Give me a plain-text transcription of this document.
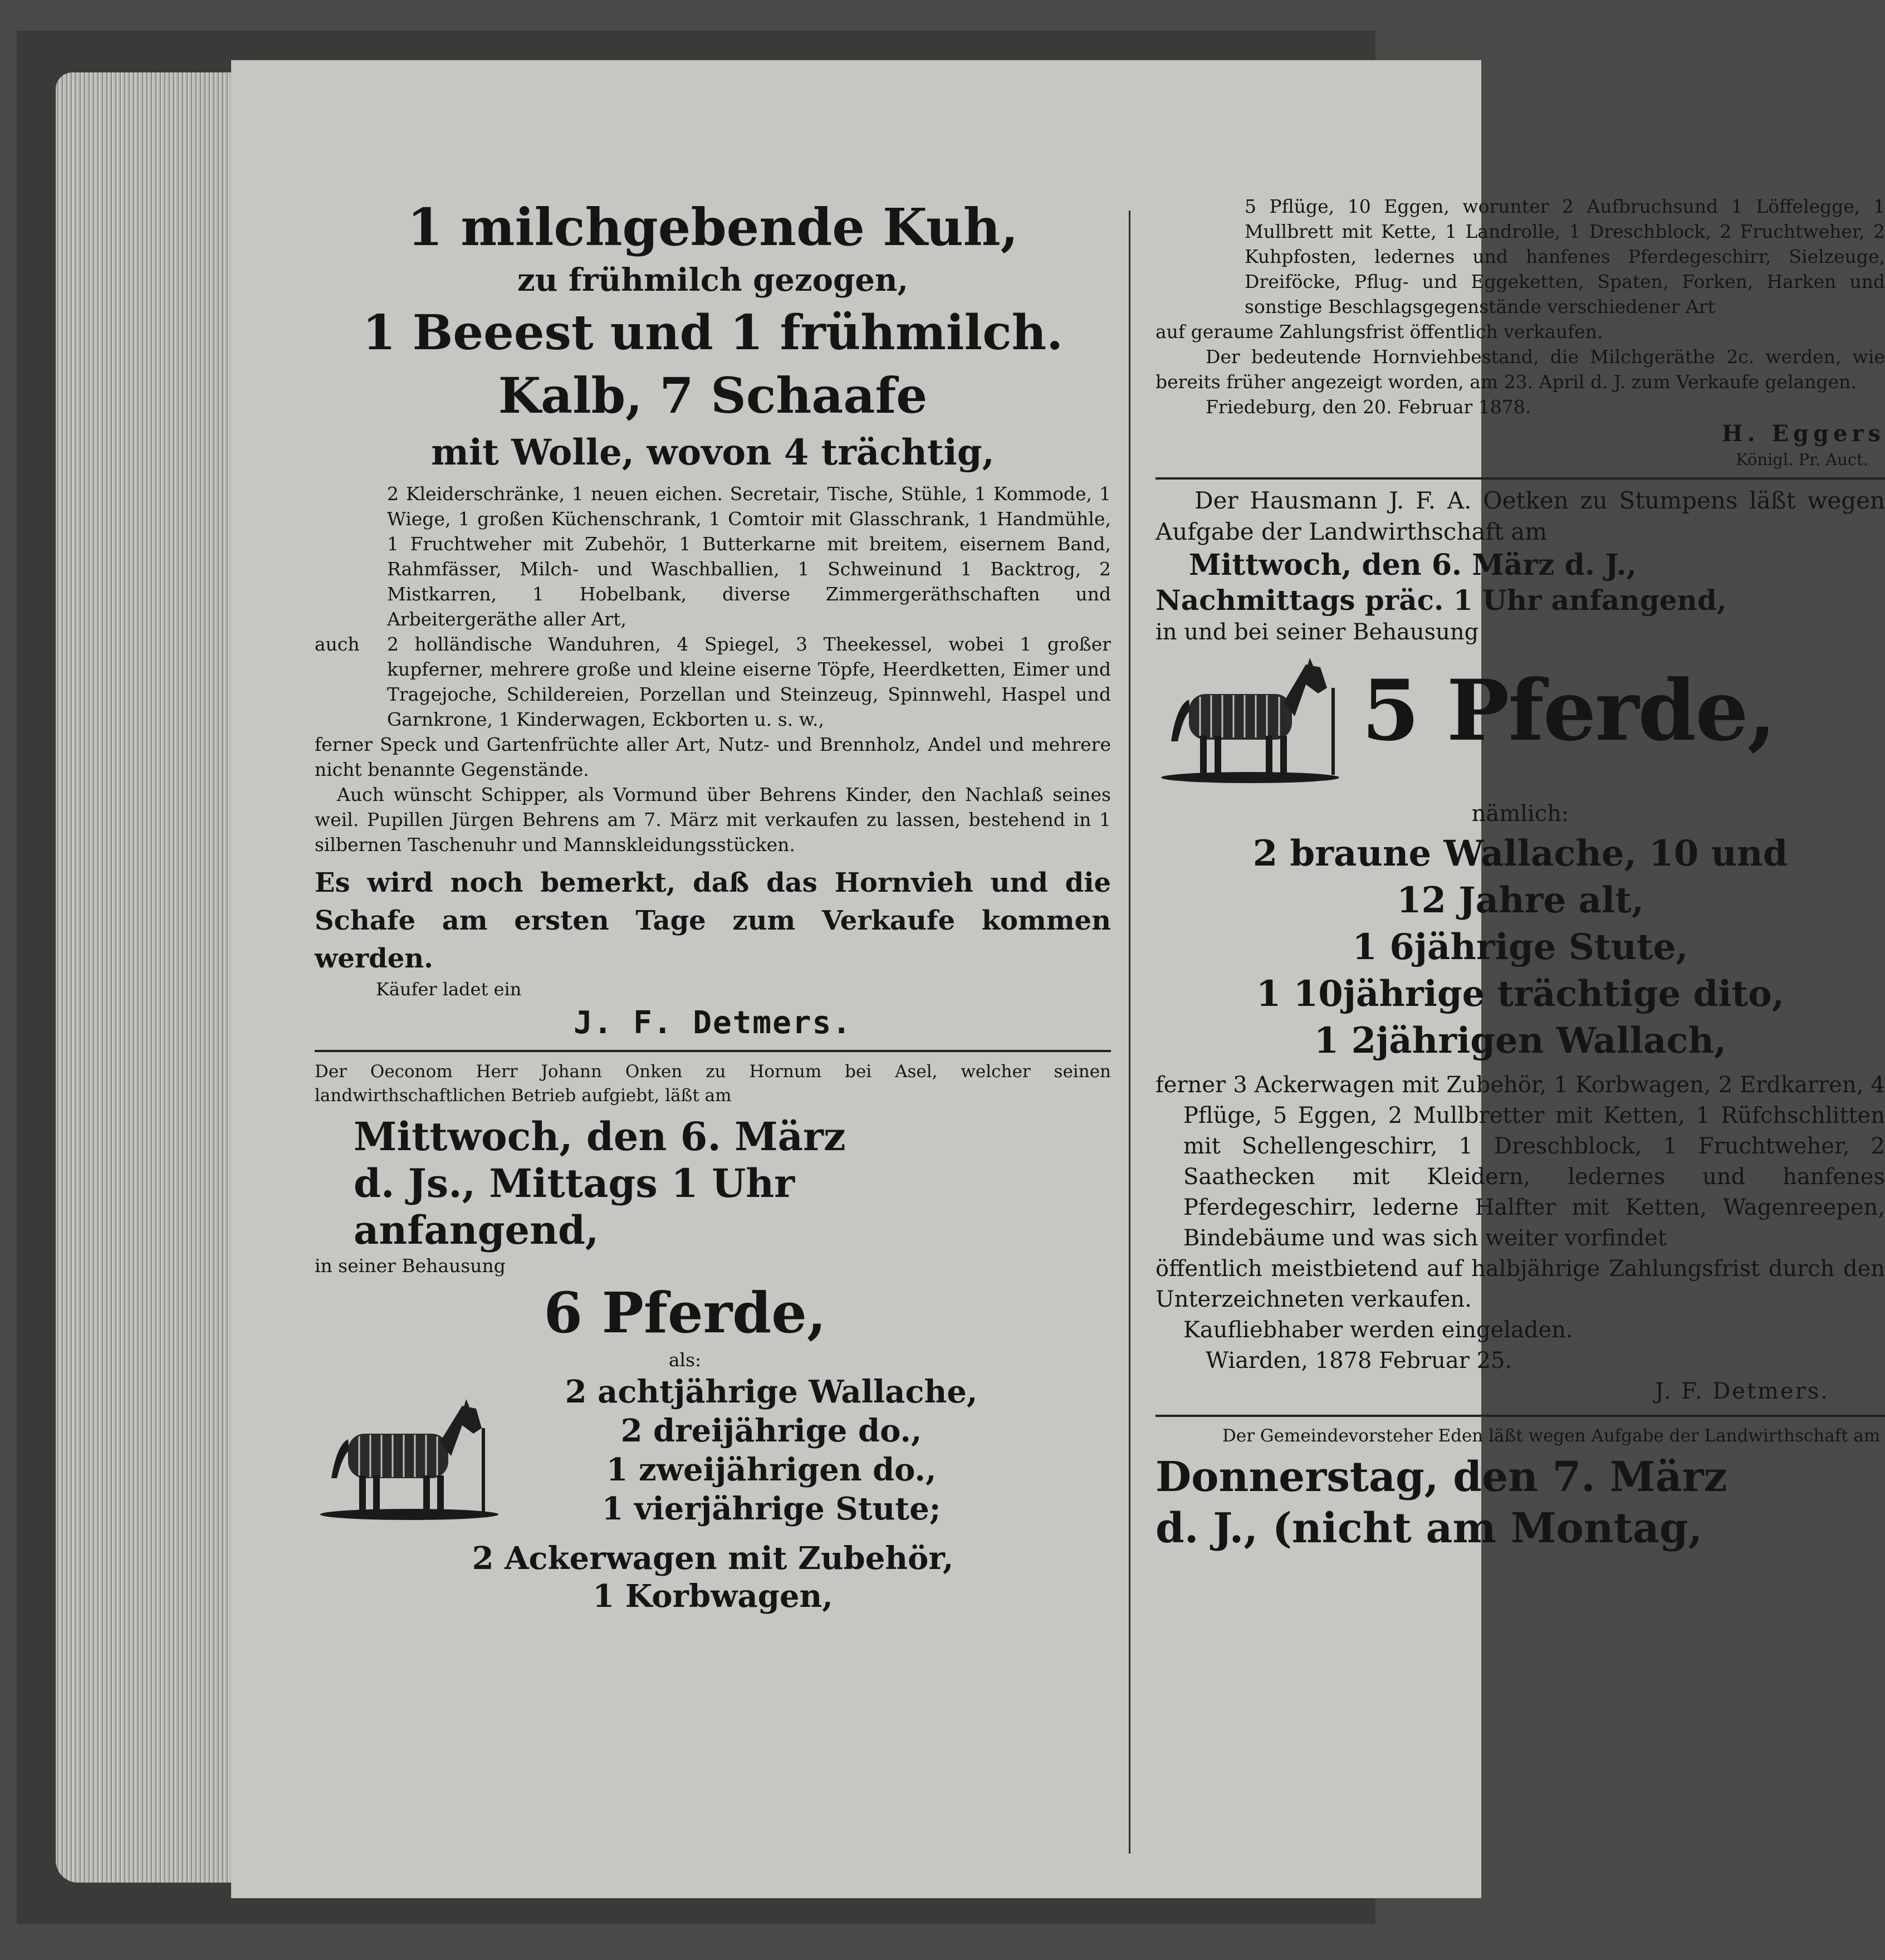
1 milchgebende Kuh,

zu frühmilch gezogen,

1 Beeest und 1 frühmilch.

Kalb, 7 Schaafe

mit Wolle, wovon 4 trächtig,

2 Kleiderschränke, 1 neuen eichen. Secretair, Tische, Stühle, 1 Kommode, 1 Wiege, 1 großen Küchenschrank, 1 Comtoir mit Glasschrank, 1 Handmühle, 1 Fruchtweher mit Zubehör, 1 Butterkarne mit breitem, eisernem Band, Rahmfässer, Milch- und Waschballien, 1 Schweinund 1 Backtrog, 2 Mistkarren, 1 Hobelbank, diverse Zimmergeräthschaften und Arbeitergeräthe aller Art,

auch	2 holländische Wanduhren, 4 Spiegel, 3 Theekessel, wobei 1 großer kupferner, mehrere große und kleine eiserne Töpfe, Heerdketten, Eimer und Tragejoche, Schildereien, Porzellan und Steinzeug, Spinnwehl, Haspel und Garnkrone, 1 Kinderwagen, Eckborten u. s. w.,

ferner Speck und Gartenfrüchte aller Art, Nutz- und Brennholz, Andel und mehrere nicht benannte Gegenstände.

Auch wünscht Schipper, als Vormund über Behrens Kinder, den Nachlaß seines weil. Pupillen Jürgen Behrens am 7. März mit verkaufen zu lassen, bestehend in 1 silbernen Taschenuhr und Mannskleidungsstücken.

Es wird noch bemerkt, daß das Hornvieh und die Schafe am ersten Tage zum Verkaufe kommen werden.

Käufer ladet ein

J. F. Detmers.

Der Oeconom Herr Johann Onken zu Hornum bei Asel, welcher seinen landwirthschaftlichen Betrieb aufgiebt, läßt am

Mittwoch, den 6. März

d. Js., Mittags 1 Uhr

anfangend,

in seiner Behausung

6 Pferde,

als:

2 achtjährige Wallache,

2 dreijährige do.,

1 zweijährigen do.,

1 vierjährige Stute;

2 Ackerwagen mit Zubehör,

1 Korbwagen,

5 Pflüge, 10 Eggen, worunter 2 Aufbruchsund 1 Löffelegge, 1 Mullbrett mit Kette, 1 Landrolle, 1 Dreschblock, 2 Fruchtweher, 2 Kuhpfosten, ledernes und hanfenes Pferdegeschirr, Sielzeuge, Dreiföcke, Pflug- und Eggeketten, Spaten, Forken, Harken und sonstige Beschlagsgegenstände verschiedener Art

auf geraume Zahlungsfrist öffentlich verkaufen.

Der bedeutende Hornviehbestand, die Milchgeräthe 2c. werden, wie bereits früher angezeigt worden, am 23. April d. J. zum Verkaufe gelangen.

Friedeburg, den 20. Februar 1878.

H. Eggers

Königl. Pr. Auct.

Der Hausmann J. F. A. Oetken zu Stumpens läßt wegen Aufgabe der Landwirthschaft am

Mittwoch, den 6. März d. J.,

Nachmittags präc. 1 Uhr anfangend,

in und bei seiner Behausung

5 Pferde,

nämlich:

2 braune Wallache, 10 und

12 Jahre alt,

1 6jährige Stute,

1 10jährige trächtige dito,

1 2jährigen Wallach,

ferner 3 Ackerwagen mit Zubehör, 1 Korbwagen, 2 Erdkarren, 4 Pflüge, 5 Eggen, 2 Mullbretter mit Ketten, 1 Rüfchschlitten mit Schellengeschirr, 1 Dreschblock, 1 Fruchtweher, 2 Saathecken mit Kleidern, ledernes und hanfenes Pferdegeschirr, lederne Halfter mit Ketten, Wagenreepen, Bindebäume und was sich weiter vorfindet

öffentlich meistbietend auf halbjährige Zahlungsfrist durch den Unterzeichneten verkaufen.

Kaufliebhaber werden eingeladen.

Wiarden, 1878 Februar 25.

J. F. Detmers.

Der Gemeindevorsteher Eden läßt wegen Aufgabe der Landwirthschaft am

Donnerstag, den 7. März

d. J., (nicht am Montag,
